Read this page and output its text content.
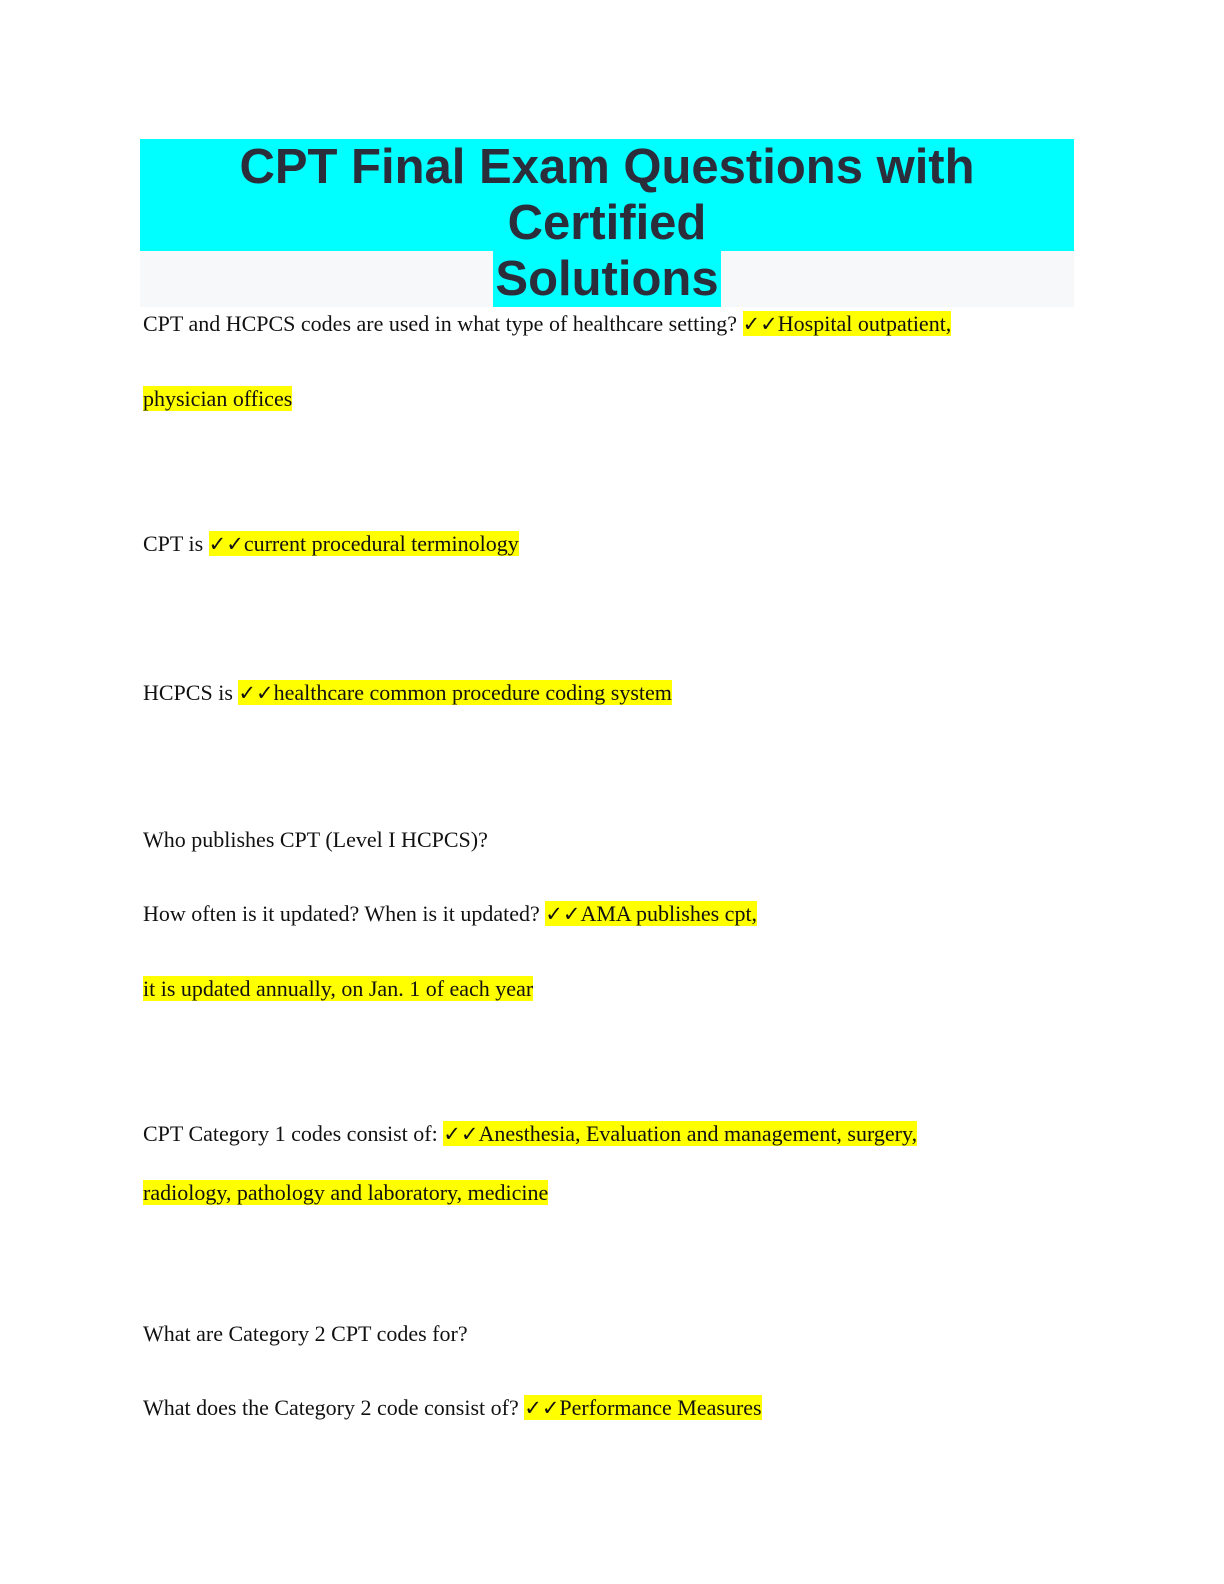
CPT Final Exam Questions with Certified
Solutions
CPT and HCPCS codes are used in what type of healthcare setting? ✓✓Hospital outpatient,
physician offices
CPT is ✓✓current procedural terminology
HCPCS is ✓✓healthcare common procedure coding system
Who publishes CPT (Level I HCPCS)?
How often is it updated? When is it updated? ✓✓AMA publishes cpt,
it is updated annually, on Jan. 1 of each year
CPT Category 1 codes consist of: ✓✓Anesthesia, Evaluation and management, surgery,
radiology, pathology and laboratory, medicine
What are Category 2 CPT codes for?
What does the Category 2 code consist of? ✓✓Performance Measures
